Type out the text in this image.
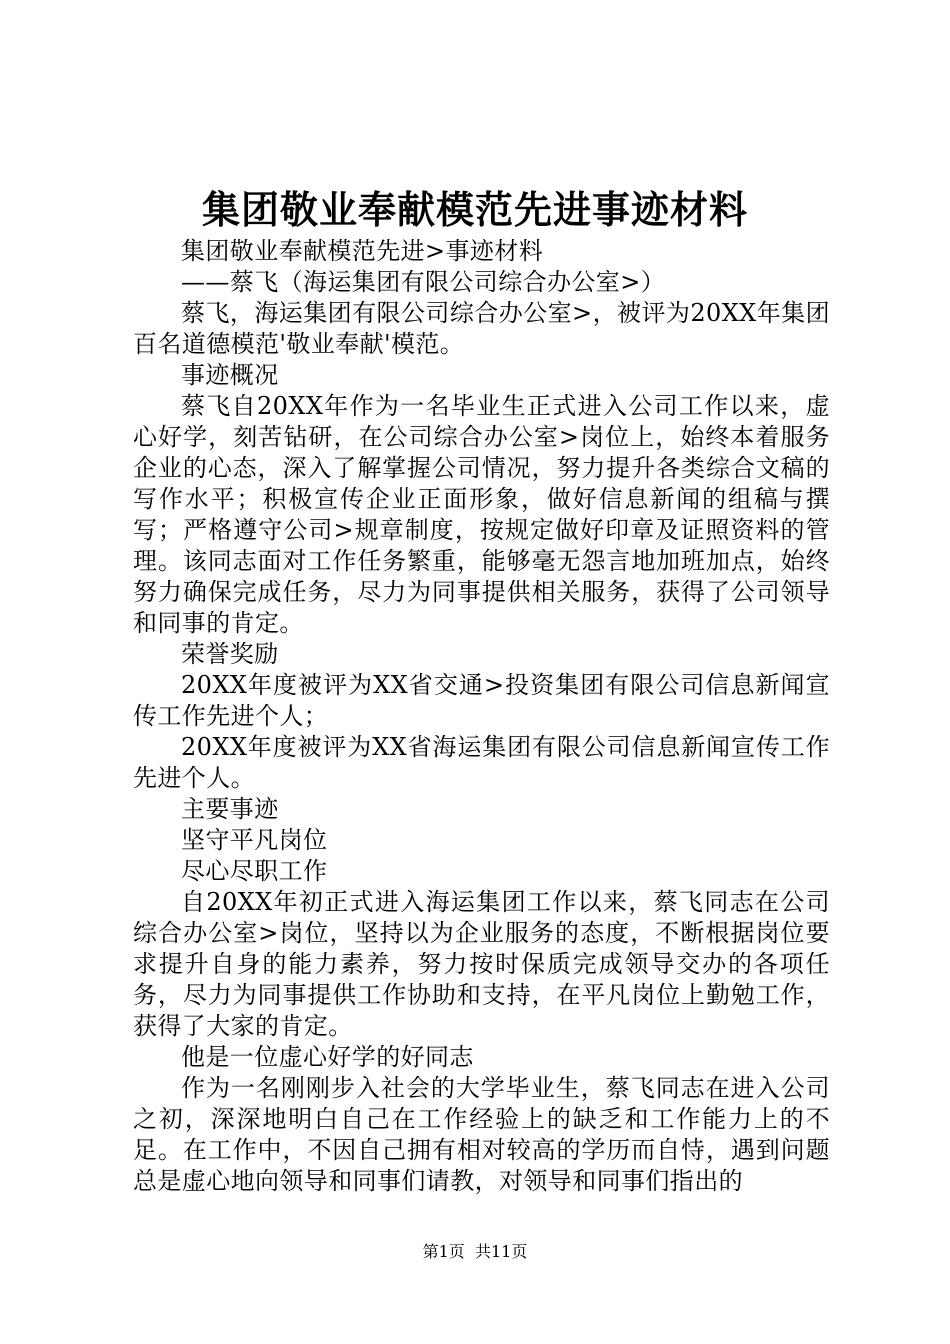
集团敬业奉献模范先进事迹材料

集团敬业奉献模范先进>事迹材料

——蔡飞（海运集团有限公司综合办公室>）

蔡飞，海运集团有限公司综合办公室>，被评为20XX年集团百名道德模范'敬业奉献'模范。

事迹概况

蔡飞自20XX年作为一名毕业生正式进入公司工作以来，虚心好学，刻苦钻研，在公司综合办公室>岗位上，始终本着服务企业的心态，深入了解掌握公司情况，努力提升各类综合文稿的写作水平；积极宣传企业正面形象，做好信息新闻的组稿与撰写；严格遵守公司>规章制度，按规定做好印章及证照资料的管理。该同志面对工作任务繁重，能够毫无怨言地加班加点，始终努力确保完成任务，尽力为同事提供相关服务，获得了公司领导和同事的肯定。

荣誉奖励

20XX年度被评为XX省交通>投资集团有限公司信息新闻宣传工作先进个人；

20XX年度被评为XX省海运集团有限公司信息新闻宣传工作先进个人。

主要事迹

坚守平凡岗位

尽心尽职工作

自20XX年初正式进入海运集团工作以来，蔡飞同志在公司综合办公室>岗位，坚持以为企业服务的态度，不断根据岗位要求提升自身的能力素养，努力按时保质完成领导交办的各项任务，尽力为同事提供工作协助和支持，在平凡岗位上勤勉工作，获得了大家的肯定。

他是一位虚心好学的好同志

作为一名刚刚步入社会的大学毕业生，蔡飞同志在进入公司之初，深深地明白自己在工作经验上的缺乏和工作能力上的不足。在工作中，不因自己拥有相对较高的学历而自恃，遇到问题总是虚心地向领导和同事们请教，对领导和同事们指出的

第1页 共11页
